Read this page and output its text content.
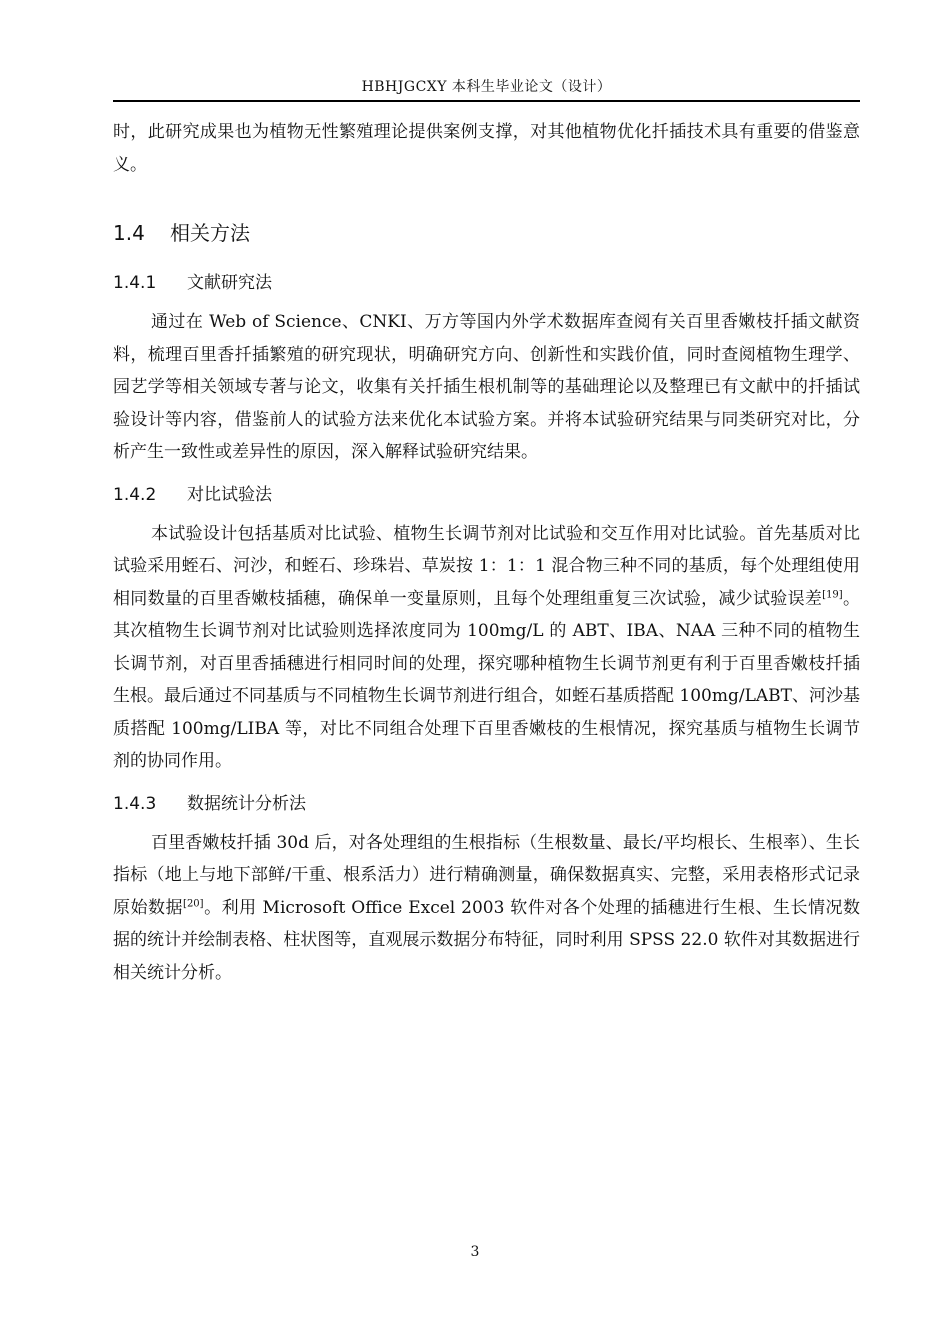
HBHJGCXY 本科生毕业论文（设计）

时，此研究成果也为植物无性繁殖理论提供案例支撑，对其他植物优化扦插技术具有重要的借鉴意义。

1.4 相关方法
1.4.1 文献研究法

通过在 Web of Science、CNKI、万方等国内外学术数据库查阅有关百里香嫩枝扦插文献资料，梳理百里香扦插繁殖的研究现状，明确研究方向、创新性和实践价值，同时查阅植物生理学、园艺学等相关领域专著与论文，收集有关扦插生根机制等的基础理论以及整理已有文献中的扦插试验设计等内容，借鉴前人的试验方法来优化本试验方案。并将本试验研究结果与同类研究对比，分析产生一致性或差异性的原因，深入解释试验研究结果。

1.4.2 对比试验法

本试验设计包括基质对比试验、植物生长调节剂对比试验和交互作用对比试验。首先基质对比试验采用蛭石、河沙，和蛭石、珍珠岩、草炭按 1：1：1 混合物三种不同的基质，每个处理组使用相同数量的百里香嫩枝插穗，确保单一变量原则，且每个处理组重复三次试验，减少试验误差[19]。其次植物生长调节剂对比试验则选择浓度同为 100mg/L 的 ABT、IBA、NAA 三种不同的植物生长调节剂，对百里香插穗进行相同时间的处理，探究哪种植物生长调节剂更有利于百里香嫩枝扦插生根。最后通过不同基质与不同植物生长调节剂进行组合，如蛭石基质搭配 100mg/LABT、河沙基质搭配 100mg/LIBA 等，对比不同组合处理下百里香嫩枝的生根情况，探究基质与植物生长调节剂的协同作用。

1.4.3 数据统计分析法

百里香嫩枝扦插 30d 后，对各处理组的生根指标（生根数量、最长/平均根长、生根率）、生长指标（地上与地下部鲜/干重、根系活力）进行精确测量，确保数据真实、完整，采用表格形式记录原始数据[20]。利用 Microsoft Office Excel 2003 软件对各个处理的插穗进行生根、生长情况数据的统计并绘制表格、柱状图等，直观展示数据分布特征，同时利用 SPSS 22.0 软件对其数据进行相关统计分析。

3
